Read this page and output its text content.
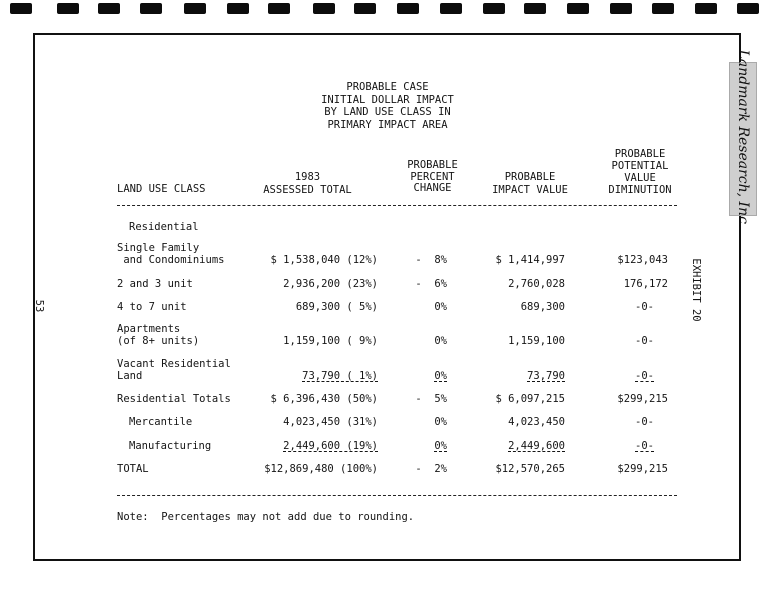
Landmark Research, Inc.
EXHIBIT 20
53
PROBABLE CASE
INITIAL DOLLAR IMPACT
BY LAND USE CLASS IN
PRIMARY IMPACT AREA
LAND USE CLASS
1983
ASSESSED TOTAL
PROBABLE
PERCENT
CHANGE
PROBABLE
IMPACT VALUE
PROBABLE
POTENTIAL
VALUE
DIMINUTION
Residential
Single Family
and Condominiums	$ 1,538,040 (12%)	-  8%	$ 1,414,997	$123,043
2 and 3 unit	2,936,200 (23%)	-  6%	2,760,028	176,172
4 to 7 unit	689,300 ( 5%)	0%	689,300	-0-
Apartments
(of 8+ units)	1,159,100 ( 9%)	0%	1,159,100	-0-
Vacant Residential
Land	73,790 ( 1%)	0%	73,790	-0-
Residential Totals	$ 6,396,430 (50%)	-  5%	$ 6,097,215	$299,215
Mercantile	4,023,450 (31%)	0%	4,023,450	-0-
Manufacturing	2,449,600 (19%)	0%	2,449,600	-0-
TOTAL	$12,869,480 (100%)	-  2%	$12,570,265	$299,215
Note:  Percentages may not add due to rounding.
